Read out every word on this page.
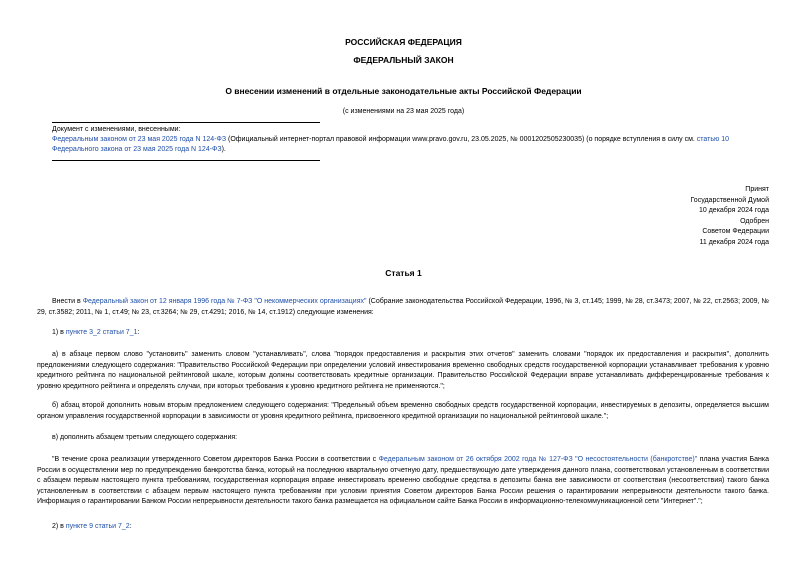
РОССИЙСКАЯ ФЕДЕРАЦИЯ
ФЕДЕРАЛЬНЫЙ ЗАКОН
О внесении изменений в отдельные законодательные акты Российской Федерации
(с изменениями на 23 мая 2025 года)
Документ с изменениями, внесенными:
Федеральным законом от 23 мая 2025 года N 124-ФЗ (Официальный интернет-портал правовой информации www.pravo.gov.ru, 23.05.2025, № 0001202505230035) (о порядке вступления в силу см. статью 10 Федерального закона от 23 мая 2025 года N 124-ФЗ).
Принят
Государственной Думой
10 декабря 2024 года
Одобрен
Советом Федерации
11 декабря 2024 года
Статья 1
Внести в Федеральный закон от 12 января 1996 года № 7-ФЗ "О некоммерческих организациях" (Собрание законодательства Российской Федерации, 1996, № 3, ст.145; 1999, № 28, ст.3473; 2007, № 22, ст.2563; 2009, № 29, ст.3582; 2011, № 1, ст.49; № 23, ст.3264; № 29, ст.4291; 2016, № 14, ст.1912) следующие изменения:
1) в пункте 3_2 статьи 7_1:
а) в абзаце первом слово "установить" заменить словом "устанавливать", слова "порядок предоставления и раскрытия этих отчетов" заменить словами "порядок их предоставления и раскрытия", дополнить предложениями следующего содержания: "Правительство Российской Федерации при определении условий инвестирования временно свободных средств государственной корпорации устанавливает требования к уровню кредитного рейтинга по национальной рейтинговой шкале, которым должны соответствовать кредитные организации. Правительство Российской Федерации вправе устанавливать дифференцированные требования к уровню кредитного рейтинга и определять случаи, при которых требования к уровню кредитного рейтинга не применяются.";
б) абзац второй дополнить новым вторым предложением следующего содержания: "Предельный объем временно свободных средств государственной корпорации, инвестируемых в депозиты, определяется высшим органом управления государственной корпорации в зависимости от уровня кредитного рейтинга, присвоенного кредитной организации по национальной рейтинговой шкале.";
в) дополнить абзацем третьим следующего содержания:
"В течение срока реализации утвержденного Советом директоров Банка России в соответствии с Федеральным законом от 26 октября 2002 года № 127-ФЗ "О несостоятельности (банкротстве)" плана участия Банка России в осуществлении мер по предупреждению банкротства банка, который на последнюю квартальную отчетную дату, предшествующую дате утверждения данного плана, соответствовал установленным в соответствии с абзацем первым настоящего пункта требованиям, государственная корпорация вправе инвестировать временно свободные средства в депозиты банка вне зависимости от соответствия (несоответствия) такого банка установленным в соответствии с абзацем первым настоящего пункта требованиям при условии принятия Советом директоров Банка России решения о гарантировании непрерывности деятельности такого банка. Информация о гарантировании Банком России непрерывности деятельности такого банка размещается на официальном сайте Банка России в информационно-телекоммуникационной сети "Интернет".";
2) в пункте 9 статьи 7_2:
